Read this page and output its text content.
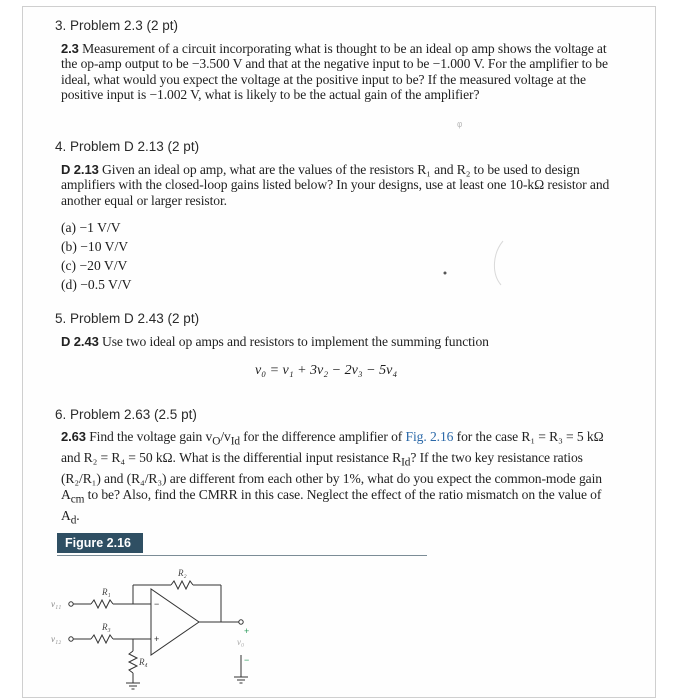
3. Problem 2.3 (2 pt)

2.3 Measurement of a circuit incorporating what is thought to be an ideal op amp shows the voltage at the op-amp output to be −3.500 V and that at the negative input to be −1.000 V. For the amplifier to be ideal, what would you expect the voltage at the positive input to be? If the measured voltage at the positive input is −1.002 V, what is likely to be the actual gain of the amplifier?

ᵩ
4. Problem D 2.13 (2 pt)

D 2.13 Given an ideal op amp, what are the values of the resistors R₁ and R₂ to be used to design amplifiers with the closed-loop gains listed below? In your designs, use at least one 10-kΩ resistor and another equal or larger resistor.

(a) −1 V/V
(b) −10 V/V
(c) −20 V/V
(d) −0.5 V/V
5. Problem D 2.43 (2 pt)

D 2.43 Use two ideal op amps and resistors to implement the summing function

v₀ = v₁ + 3v₂ − 2v₃ − 5v₄
6. Problem 2.63 (2.5 pt)

2.63 Find the voltage gain $v_O/v_{Id}$ for the difference amplifier of Fig. 2.16 for the case R₁ = R₃ = 5 kΩ and R₂ = R₄ = 50 kΩ. What is the differential input resistance $R_{Id}$? If the two key resistance ratios (R₂/R₁) and (R₄/R₃) are different from each other by 1%, what do you expect the common-mode gain $A_{cm}$ to be? Also, find the CMRR in this case. Neglect the effect of the ratio mismatch on the value of $A_d$.

Figure 2.16
R₁
R₃
R₂
R₄
v₁₁
v₁₂	v₀
−
+
+
−
